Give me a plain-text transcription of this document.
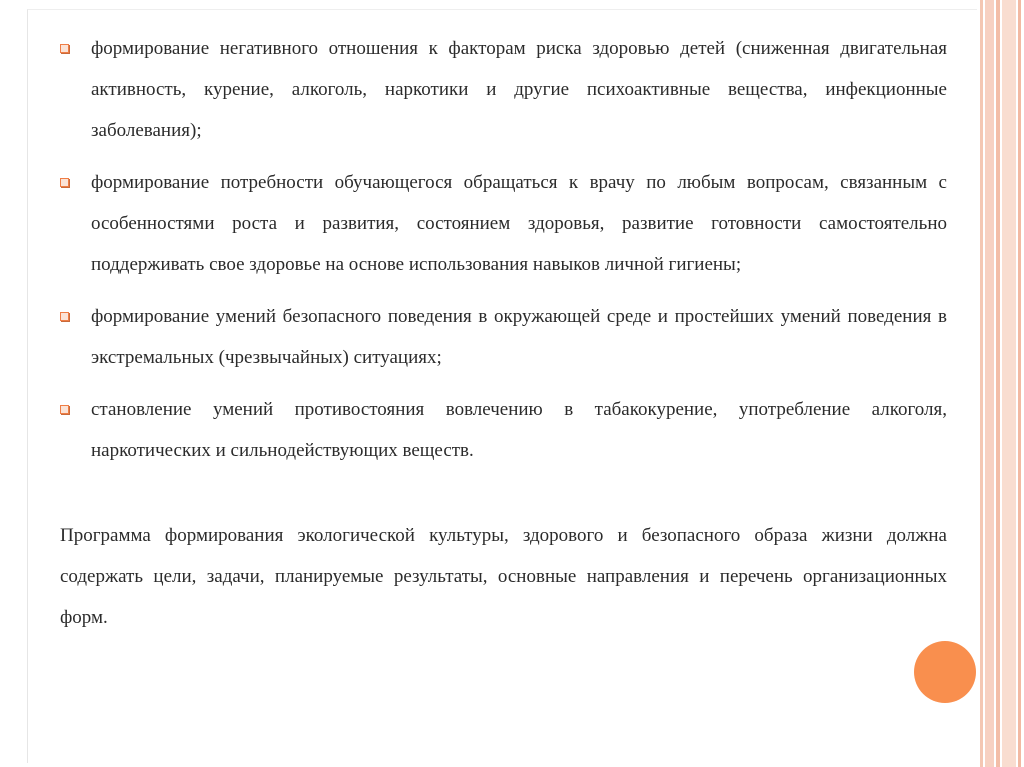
формирование негативного отношения к факторам риска здоровью детей (сниженная двигательная активность, курение, алкоголь, наркотики и другие психоактивные вещества, инфекционные заболевания);
формирование потребности обучающегося обращаться к врачу по любым вопросам, связанным с особенностями роста и развития, состоянием здоровья, развитие готовности самостоятельно поддерживать свое здоровье на основе использования навыков личной гигиены;
формирование умений безопасного поведения в окружающей среде и простейших умений поведения в экстремальных (чрезвычайных) ситуациях;
становление умений противостояния вовлечению в табакокурение, употребление алкоголя, наркотических и сильнодействующих веществ.

Программа формирования экологической культуры, здорового и безопасного образа жизни должна содержать цели, задачи, планируемые результаты, основные направления и перечень организационных форм.
